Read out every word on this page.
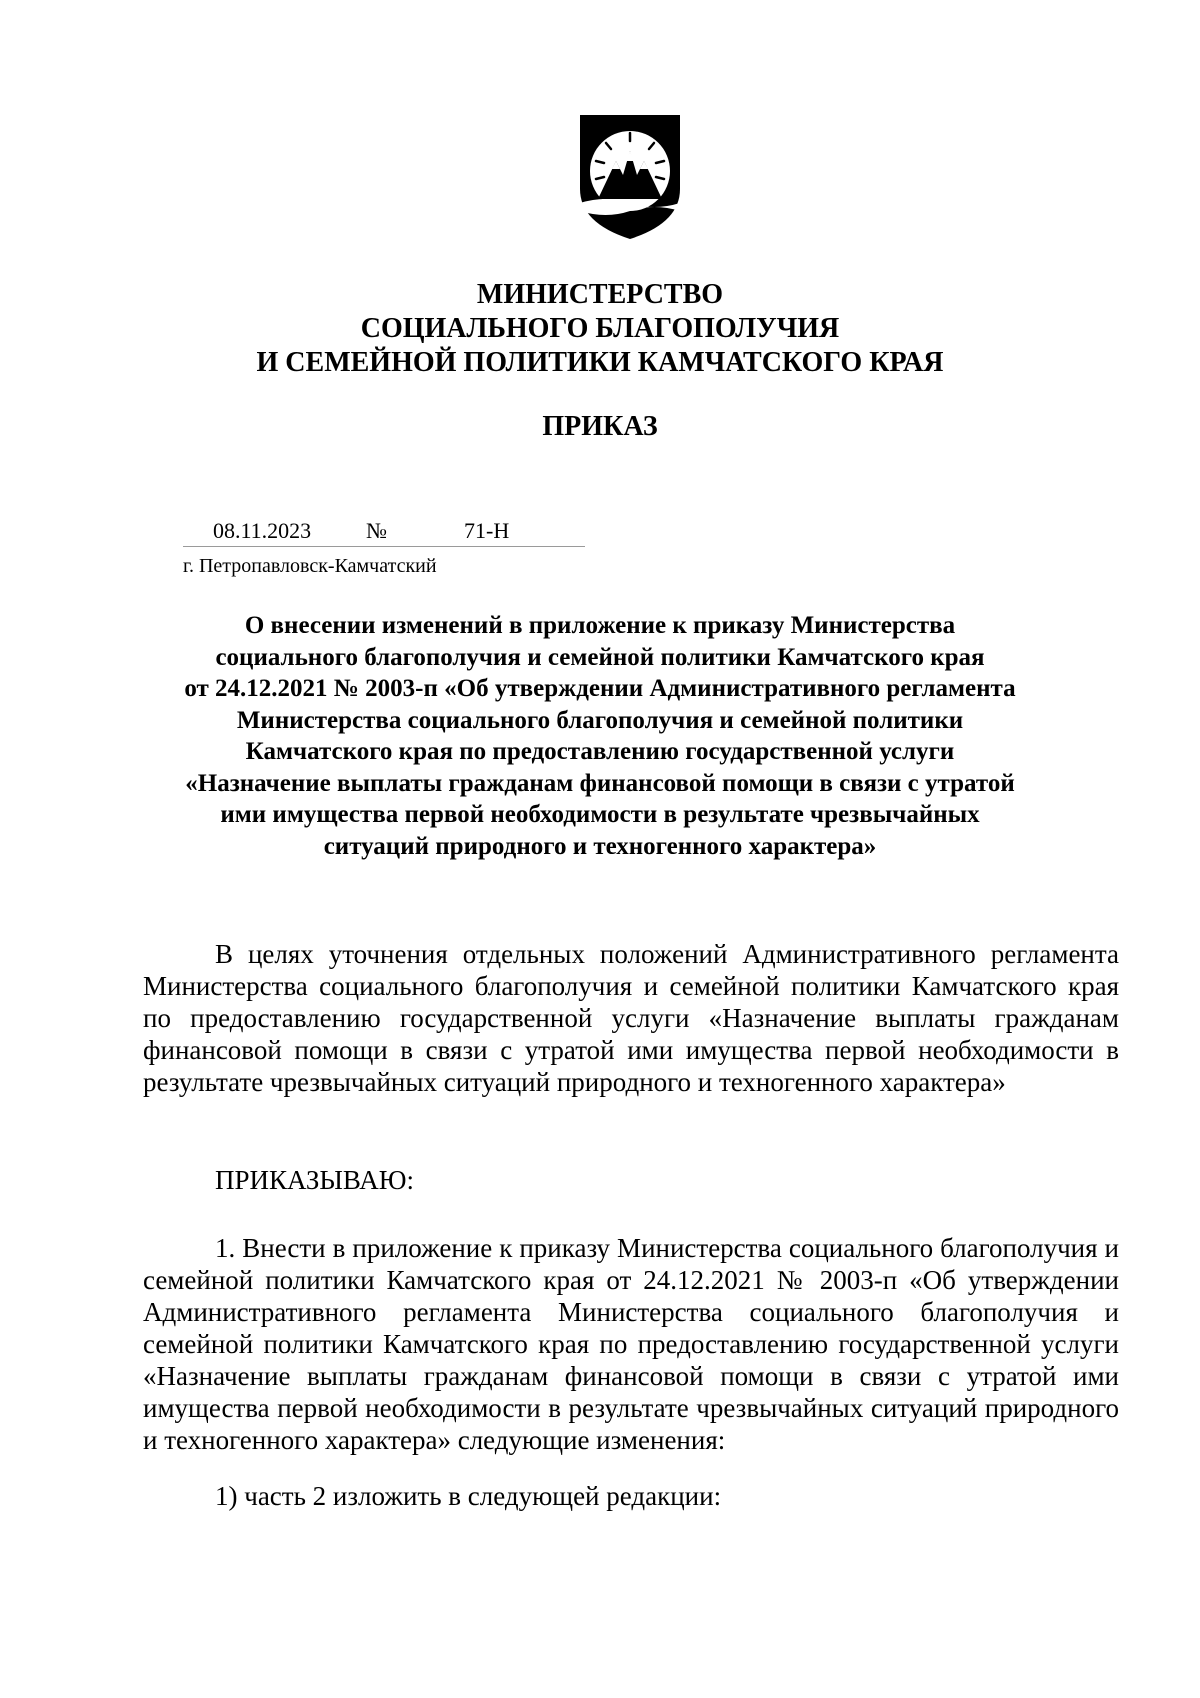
МИНИСТЕРСТВО
СОЦИАЛЬНОГО БЛАГОПОЛУЧИЯ
И СЕМЕЙНОЙ ПОЛИТИКИ КАМЧАТСКОГО КРАЯ
ПРИКАЗ
08.11.2023 №	71-Н
г. Петропавловск-Камчатский
О внесении изменений в приложение к приказу Министерства
социального благополучия и семейной политики Камчатского края
от 24.12.2021 № 2003-п «Об утверждении Административного регламента
Министерства социального благополучия и семейной политики
Камчатского края по предоставлению государственной услуги
«Назначение выплаты гражданам финансовой помощи в связи с утратой
ими имущества первой необходимости в результате чрезвычайных
ситуаций природного и техногенного характера»

В целях уточнения отдельных положений Административного регламента Министерства социального благополучия и семейной политики Камчатского края по предоставлению государственной услуги «Назначение выплаты гражданам финансовой помощи в связи с утратой ими имущества первой необходимости в результате чрезвычайных ситуаций природного и техногенного характера»

ПРИКАЗЫВАЮ:

1. Внести в приложение к приказу Министерства социального благополучия и семейной политики Камчатского края от 24.12.2021 № 2003-п «Об утверждении Административного регламента Министерства социального благополучия и семейной политики Камчатского края по предоставлению государственной услуги «Назначение выплаты гражданам финансовой помощи в связи с утратой ими имущества первой необходимости в результате чрезвычайных ситуаций природного и техногенного характера» следующие изменения:

1) часть 2 изложить в следующей редакции:
